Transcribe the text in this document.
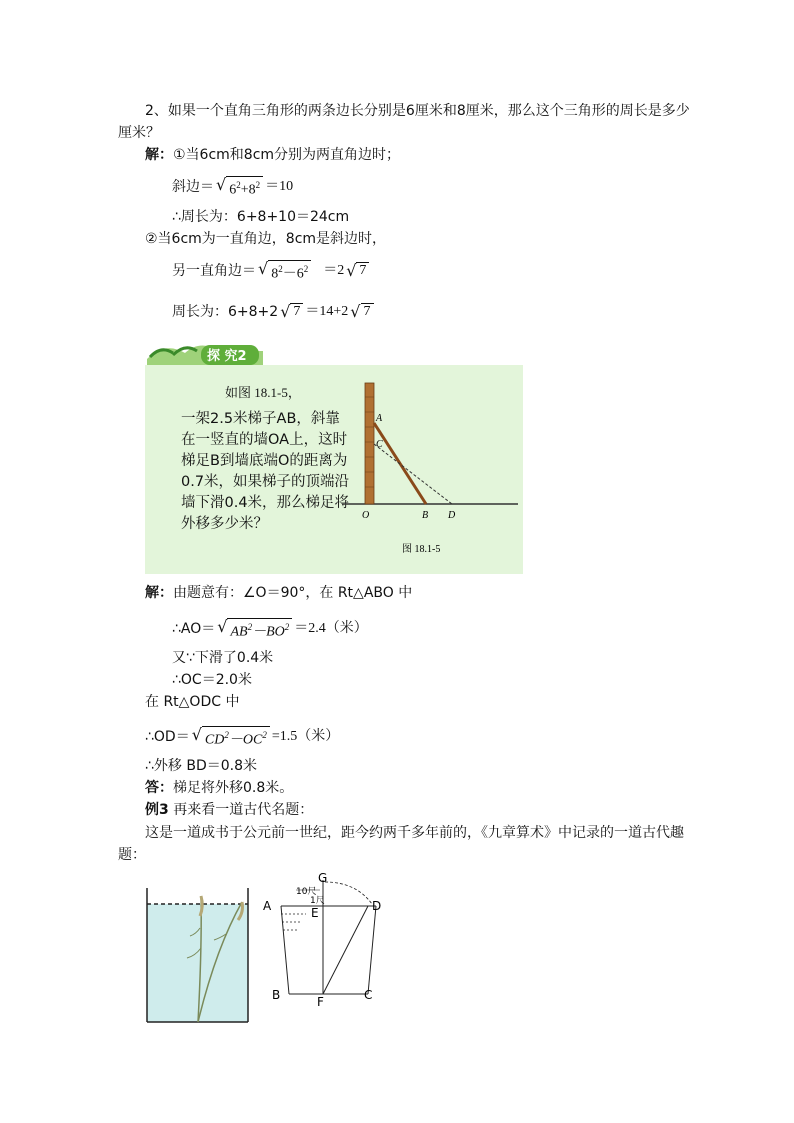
2、如果一个直角三角形的两条边长分别是6厘米和8厘米，那么这个三角形的周长是多少
厘米？
解：①当6cm和8cm分别为两直角边时；
斜边＝ √ $6^2+8^2 =10$
∴周长为：6+8+10＝24cm
②当6cm为一直角边，8cm是斜边时，
另一直角边＝ √ $8^2-6^2 =2$ √ 7
周长为：6+8+2 √ 7 ＝14+2 √ 7
探 究2
如图 18.1-5，
一架2.5米梯子AB，斜靠在一竖直的墙OA上，这时梯足B到墙底端O的距离为0.7米，如果梯子的顶端沿墙下滑0.4米，那么梯足将外移多少米？
A
C
O	B D
图 18.1-5
解：由题意有：∠O＝90°，在 Rt△ABO 中
∴AO＝ √ $AB^2-BO^2 =2.4$（米）
又∵下滑了0.4米
∴OC＝2.0米
在 Rt△ODC 中
∴OD＝ √ $CD^2-OC^2 =1.5$（米）
∴外移 BD＝0.8米
答：梯足将外移0.8米。
例3 再来看一道古代名题：
这是一道成书于公元前一世纪，距今约两千多年前的，《九章算术》中记录的一道古代趣
题：
10尺
1尺
G
A	E	D
B	F	C
